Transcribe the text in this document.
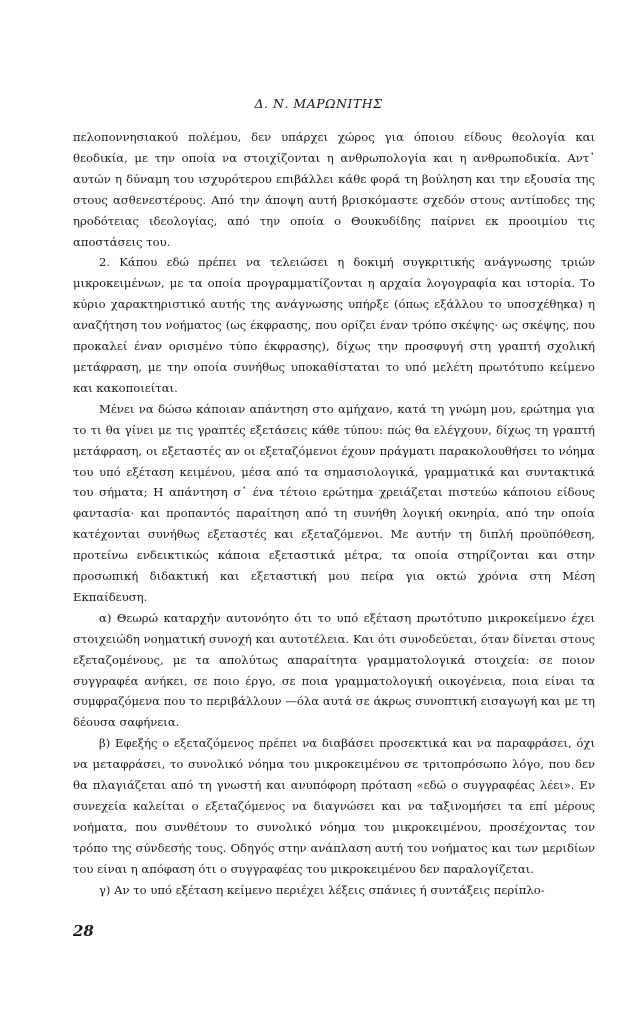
Δ. Ν. ΜΑΡΩΝΙΤΗΣ

πελοποννησιακού πολέμου, δεν υπάρχει χώρος για όποιου είδους θεολογία και θεοδικία, με την οποία να στοιχίζονται η ανθρωπολογία και η ανθρωποδικία. Αντ᾽ αυτών η δύναμη του ισχυρότερου επιβάλλει κάθε φορά τη βούληση και την εξουσία της στους ασθενεστέρους. Από την άποψη αυτή βρισκόμαστε σχεδόν στους αντίποδες της ηροδότειας ιδεολογίας, από την οποία ο Θουκυδίδης παίρνει εκ προοιμίου τις αποστάσεις του.

2. Κάπου εδώ πρέπει να τελειώσει η δοκιμή συγκριτικής ανάγνωσης τριών μικροκειμένων, με τα οποία προγραμματίζονται η αρχαία λογογραφία και ιστορία. Το κύριο χαρακτηριστικό αυτής της ανάγνωσης υπήρξε (όπως εξάλλου το υποσχέθηκα) η αναζήτηση του νοήματος (ως έκφρασης, που ορίζει έναν τρόπο σκέψης· ως σκέψης, που προκαλεί έναν ορισμένο τύπο έκφρασης), δίχως την προσφυγή στη γραπτή σχολική μετάφραση, με την οποία συνήθως υποκαθίσταται το υπό μελέτη πρωτότυπο κείμενο και κακοποιείται.

Μένει να δώσω κάποιαν απάντηση στο αμήχανο, κατά τη γνώμη μου, ερώτημα για το τι θα γίνει με τις γραπτές εξετάσεις κάθε τύπου: πώς θα ελέγχουν, δίχως τη γραπτή μετάφραση, οι εξεταστές αν οι εξεταζόμενοι έχουν πράγματι παρακολουθήσει το νόημα του υπό εξέταση κειμένου, μέσα από τα σημασιολογικά, γραμματικά και συντακτικά του σήματα; Η απάντηση σ᾽ ένα τέτοιο ερώτημα χρειάζεται πιστεύω κάποιου είδους φαντασία· και προπαντός παραίτηση από τη συνήθη λογική οκνηρία, από την οποία κατέχονται συνήθως εξεταστές και εξεταζόμενοι. Με αυτήν τη διπλή προϋπόθεση, προτείνω ενδεικτικώς κάποια εξεταστικά μέτρα, τα οποία στηρίζονται και στην προσωπική διδακτική και εξεταστική μου πείρα για οκτώ χρόνια στη Μέση Εκπαίδευση.

α) Θεωρώ καταρχήν αυτονόητο ότι το υπό εξέταση πρωτότυπο μικροκείμενο έχει στοιχειώδη νοηματική συνοχή και αυτοτέλεια. Και ότι συνοδεύεται, όταν δίνεται στους εξεταζομένους, με τα απολύτως απαραίτητα γραμματολογικά στοιχεία: σε ποιον συγγραφέα ανήκει, σε ποιο έργο, σε ποια γραμματολογική οικογένεια, ποια είναι τα συμφραζόμενα που το περιβάλλουν —όλα αυτά σε άκρως συνοπτική εισαγωγή και με τη δέουσα σαφήνεια.

β) Εφεξής ο εξεταζόμενος πρέπει να διαβάσει προσεκτικά και να παραφράσει, όχι να μεταφράσει, το συνολικό νόημα του μικροκειμένου σε τριτοπρόσωπο λόγο, που δεν θα πλαγιάζεται από τη γνωστή και ανυπόφορη πρόταση «εδώ ο συγγραφέας λέει». Εν συνεχεία καλείται ο εξεταζόμενος να διαγνώσει και να ταξινομήσει τα επί μέρους νοήματα, που συνθέτουν το συνολικό νόημα του μικροκειμένου, προσέχοντας τον τρόπο της σύνδεσής τους. Οδηγός στην ανάπλαση αυτή του νοήματος και των μεριδίων του είναι η απόφαση ότι ο συγγραφέας του μικροκειμένου δεν παραλογίζεται.

γ) Αν το υπό εξέταση κείμενο περιέχει λέξεις σπάνιες ή συντάξεις περίπλο-

28
